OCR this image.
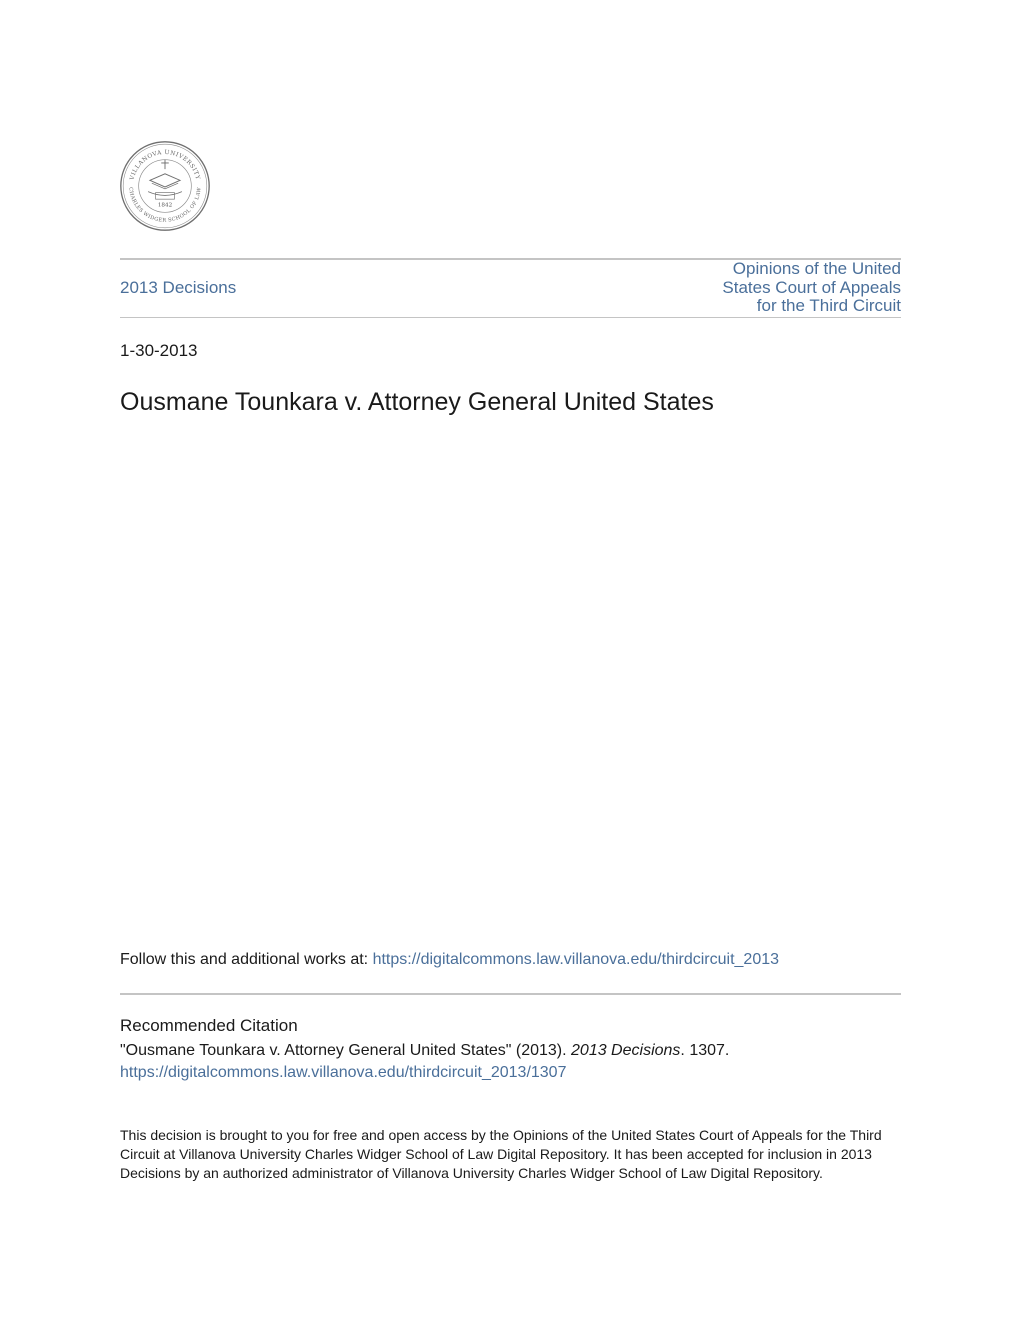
VILLANOVA UNIVERSITY
CHARLES WIDGER SCHOOL OF LAW
1842
2013 Decisions
Opinions of the United
States Court of Appeals
for the Third Circuit
1-30-2013
Ousmane Tounkara v. Attorney General United States
Follow this and additional works at: https://digitalcommons.law.villanova.edu/thirdcircuit_2013
Recommended Citation
"Ousmane Tounkara v. Attorney General United States" (2013). 2013 Decisions. 1307.
https://digitalcommons.law.villanova.edu/thirdcircuit_2013/1307
This decision is brought to you for free and open access by the Opinions of the United States Court of Appeals for the Third Circuit at Villanova University Charles Widger School of Law Digital Repository. It has been accepted for inclusion in 2013 Decisions by an authorized administrator of Villanova University Charles Widger School of Law Digital Repository.
